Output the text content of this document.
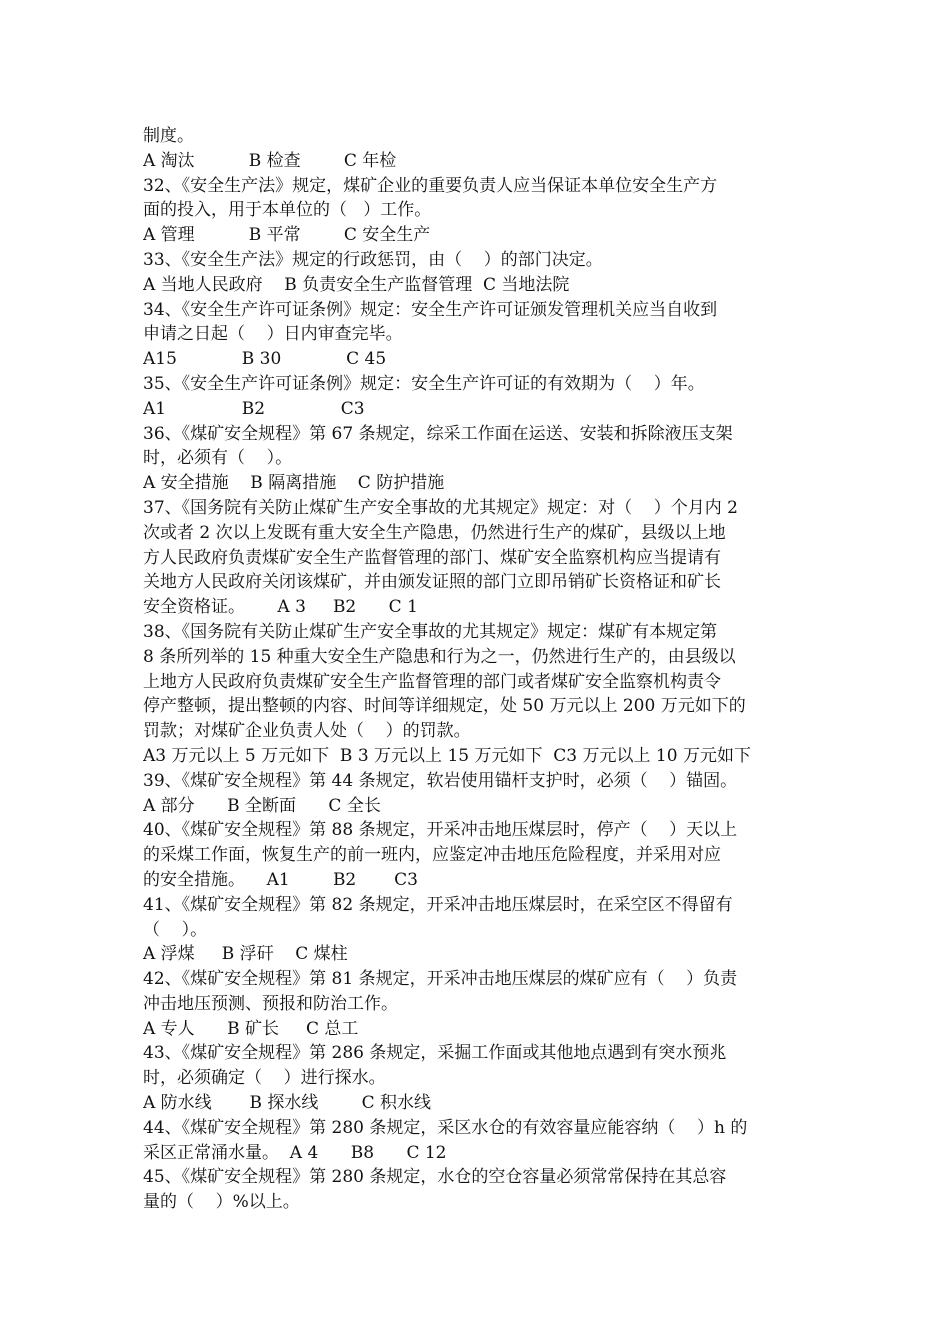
制度。
A 淘汰          B 检查        C 年检
32、《安全生产法》规定，煤矿企业的重要负责人应当保证本单位安全生产方
面的投入，用于本单位的（   ）工作。
A 管理          B 平常        C 安全生产
33、《安全生产法》规定的行政惩罚，由（    ）的部门决定。
A 当地人民政府    B 负责安全生产监督管理  C 当地法院
34、《安全生产许可证条例》规定：安全生产许可证颁发管理机关应当自收到
申请之日起（    ）日内审查完毕。
A15            B 30            C 45
35、《安全生产许可证条例》规定：安全生产许可证的有效期为（    ）年。
A1              B2              C3
36、《煤矿安全规程》第 67 条规定，综采工作面在运送、安装和拆除液压支架
时，必须有（    ）。
A 安全措施    B 隔离措施    C 防护措施
37、《国务院有关防止煤矿生产安全事故的尤其规定》规定：对（    ）个月内 2
次或者 2 次以上发既有重大安全生产隐患，仍然进行生产的煤矿，县级以上地
方人民政府负责煤矿安全生产监督管理的部门、煤矿安全监察机构应当提请有
关地方人民政府关闭该煤矿，并由颁发证照的部门立即吊销矿长资格证和矿长
安全资格证。      A 3     B2      C 1
38、《国务院有关防止煤矿生产安全事故的尤其规定》规定：煤矿有本规定第
8 条所列举的 15 种重大安全生产隐患和行为之一，仍然进行生产的，由县级以
上地方人民政府负责煤矿安全生产监督管理的部门或者煤矿安全监察机构责令
停产整顿，提出整顿的内容、时间等详细规定，处 50 万元以上 200 万元如下的
罚款；对煤矿企业负责人处（    ）的罚款。
A3 万元以上 5 万元如下  B 3 万元以上 15 万元如下  C3 万元以上 10 万元如下
39、《煤矿安全规程》第 44 条规定，软岩使用锚杆支护时，必须（    ）锚固。
A 部分      B 全断面      C 全长
40、《煤矿安全规程》第 88 条规定，开采冲击地压煤层时，停产（    ）天以上
的采煤工作面，恢复生产的前一班内，应鉴定冲击地压危险程度，并采用对应
的安全措施。    A1        B2       C3
41、《煤矿安全规程》第 82 条规定，开采冲击地压煤层时，在采空区不得留有
（    ）。
A 浮煤     B 浮矸    C 煤柱
42、《煤矿安全规程》第 81 条规定，开采冲击地压煤层的煤矿应有（    ）负责
冲击地压预测、预报和防治工作。
A 专人      B 矿长     C 总工
43、《煤矿安全规程》第 286 条规定，采掘工作面或其他地点遇到有突水预兆
时，必须确定（    ）进行探水。
A 防水线       B 探水线        C 积水线
44、《煤矿安全规程》第 280 条规定，采区水仓的有效容量应能容纳（    ）h 的
采区正常涌水量。  A 4      B8      C 12
45、《煤矿安全规程》第 280 条规定，水仓的空仓容量必须常常保持在其总容
量的（    ）%以上。
